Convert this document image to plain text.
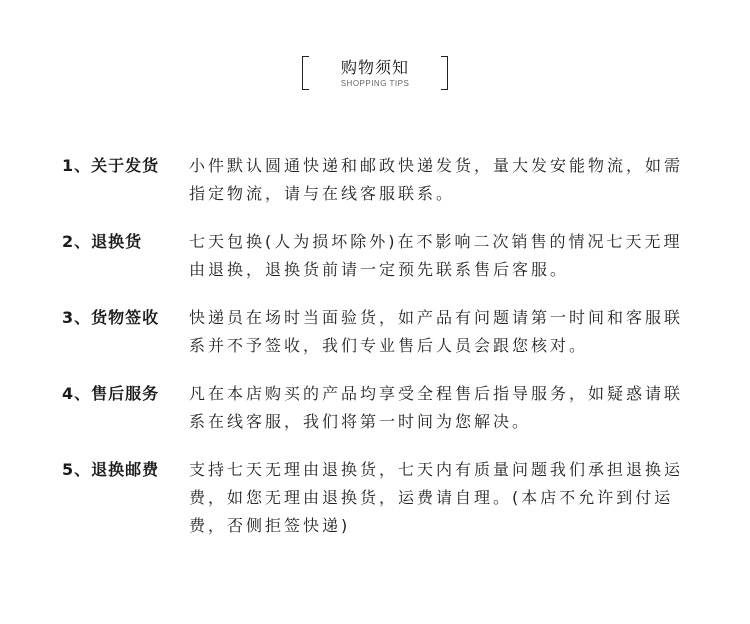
购物须知
SHOPPING TIPS
1、关于发货 小件默认圆通快递和邮政快递发货，量大发安能物流，如需指定物流，请与在线客服联系。
2、退换货	七天包换(人为损坏除外)在不影响二次销售的情况七天无理由退换，退换货前请一定预先联系售后客服。
3、货物签收 快递员在场时当面验货，如产品有问题请第一时间和客服联系并不予签收，我们专业售后人员会跟您核对。
4、售后服务 凡在本店购买的产品均享受全程售后指导服务，如疑惑请联系在线客服，我们将第一时间为您解决。
5、退换邮费 支持七天无理由退换货，七天内有质量问题我们承担退换运费，如您无理由退换货，运费请自理。(本店不允许到付运费，否侧拒签快递)
